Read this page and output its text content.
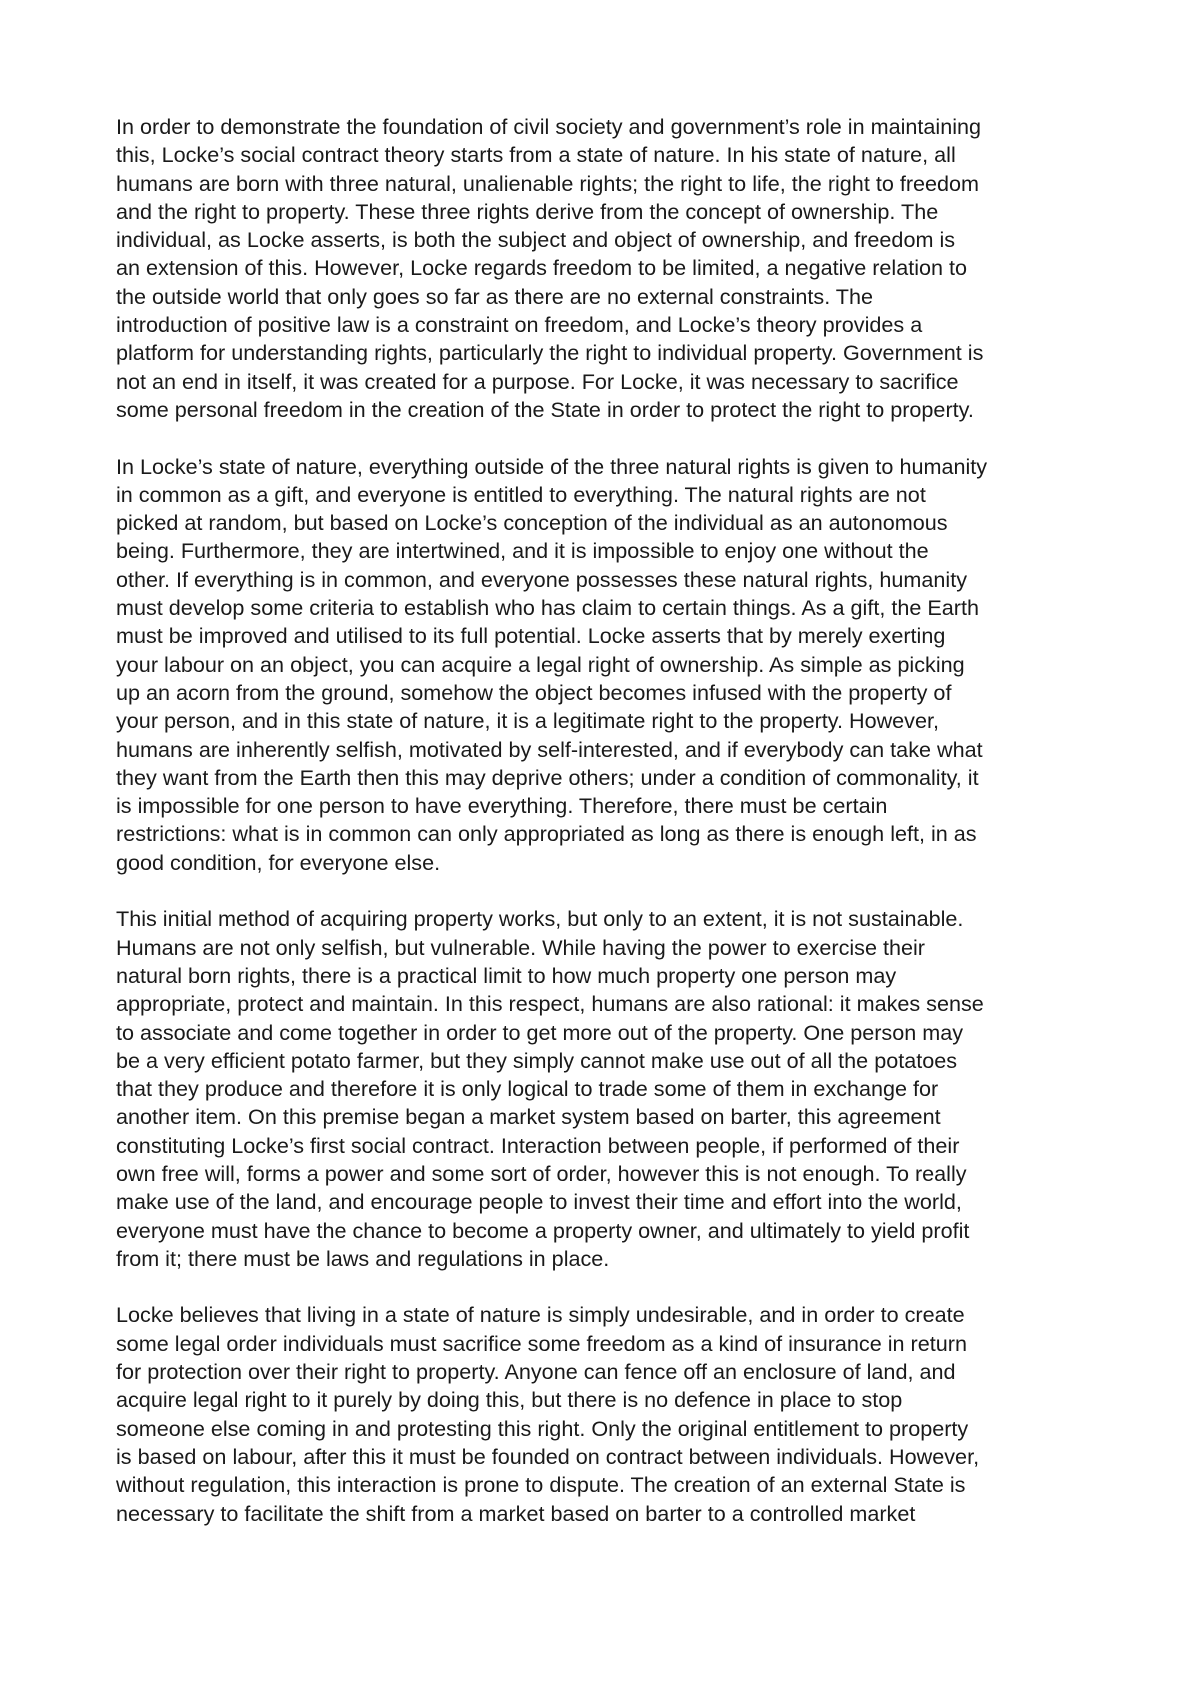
In order to demonstrate the foundation of civil society and government’s role in maintaining
this, Locke’s social contract theory starts from a state of nature. In his state of nature, all
humans are born with three natural, unalienable rights; the right to life, the right to freedom
and the right to property. These three rights derive from the concept of ownership. The
individual, as Locke asserts, is both the subject and object of ownership, and freedom is
an extension of this. However, Locke regards freedom to be limited, a negative relation to
the outside world that only goes so far as there are no external constraints. The
introduction of positive law is a constraint on freedom, and Locke’s theory provides a
platform for understanding rights, particularly the right to individual property. Government is
not an end in itself, it was created for a purpose. For Locke, it was necessary to sacrifice
some personal freedom in the creation of the State in order to protect the right to property.

In Locke’s state of nature, everything outside of the three natural rights is given to humanity
in common as a gift, and everyone is entitled to everything. The natural rights are not
picked at random, but based on Locke’s conception of the individual as an autonomous
being. Furthermore, they are intertwined, and it is impossible to enjoy one without the
other. If everything is in common, and everyone possesses these natural rights, humanity
must develop some criteria to establish who has claim to certain things. As a gift, the Earth
must be improved and utilised to its full potential. Locke asserts that by merely exerting
your labour on an object, you can acquire a legal right of ownership. As simple as picking
up an acorn from the ground, somehow the object becomes infused with the property of
your person, and in this state of nature, it is a legitimate right to the property. However,
humans are inherently selfish, motivated by self-interested, and if everybody can take what
they want from the Earth then this may deprive others; under a condition of commonality, it
is impossible for one person to have everything. Therefore, there must be certain
restrictions: what is in common can only appropriated as long as there is enough left, in as
good condition, for everyone else.

This initial method of acquiring property works, but only to an extent, it is not sustainable.
Humans are not only selfish, but vulnerable. While having the power to exercise their
natural born rights, there is a practical limit to how much property one person may
appropriate, protect and maintain. In this respect, humans are also rational: it makes sense
to associate and come together in order to get more out of the property. One person may
be a very efficient potato farmer, but they simply cannot make use out of all the potatoes
that they produce and therefore it is only logical to trade some of them in exchange for
another item. On this premise began a market system based on barter, this agreement
constituting Locke’s first social contract. Interaction between people, if performed of their
own free will, forms a power and some sort of order, however this is not enough. To really
make use of the land, and encourage people to invest their time and effort into the world,
everyone must have the chance to become a property owner, and ultimately to yield profit
from it; there must be laws and regulations in place.

Locke believes that living in a state of nature is simply undesirable, and in order to create
some legal order individuals must sacrifice some freedom as a kind of insurance in return
for protection over their right to property. Anyone can fence off an enclosure of land, and
acquire legal right to it purely by doing this, but there is no defence in place to stop
someone else coming in and protesting this right. Only the original entitlement to property
is based on labour, after this it must be founded on contract between individuals. However,
without regulation, this interaction is prone to dispute. The creation of an external State is
necessary to facilitate the shift from a market based on barter to a controlled market
